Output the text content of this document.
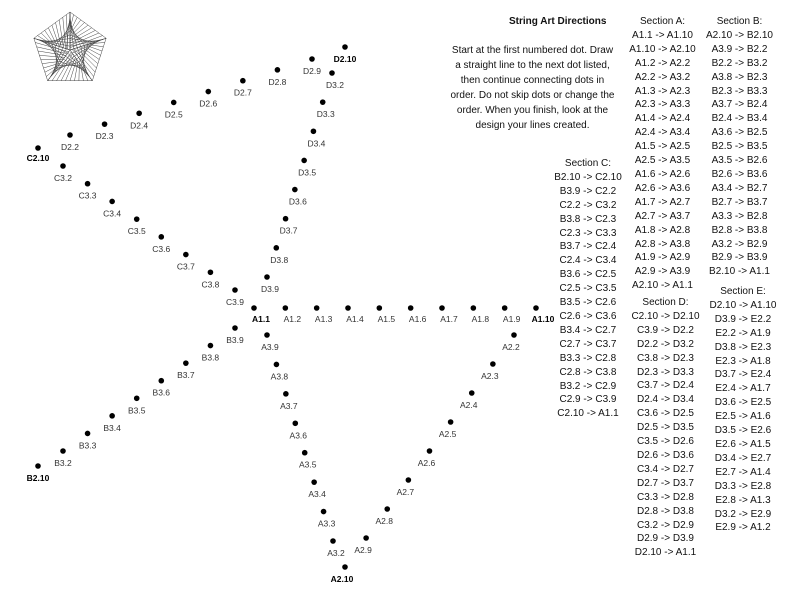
A1.1 A1.2 A1.3 A1.4 A1.5 A1.6 A1.7 A1.8 A1.9 A1.10
A2.2
A2.3
A2.4
A2.5
A2.6
A2.7
A2.8
A2.9
A2.10
A3.2
A3.3
A3.4
A3.5
A3.6
A3.7
A3.8
A3.9
B2.10
B3.2
B3.3
B3.4
B3.5
B3.6
B3.7
B3.8
B3.9
C2.10
C3.2
C3.3
C3.4
C3.5
C3.6
C3.7
C3.8
C3.9
D2.2
D2.3
D2.4
D2.5
D2.6
D2.7
D2.8
D2.9
D2.10
D3.2
D3.3
D3.4
D3.5
D3.6
D3.7
D3.8
D3.9
String Art Directions
Start at the first numbered dot. Draw a straight line to the next dot listed, then continue connecting dots in order. Do not skip dots or change the order. When you finish, look at the design your lines created.
Section A:
A1.1 -> A1.10
A1.10 -> A2.10
A1.2 -> A2.2
A2.2 -> A3.2
A1.3 -> A2.3
A2.3 -> A3.3
A1.4 -> A2.4
A2.4 -> A3.4
A1.5 -> A2.5
A2.5 -> A3.5
A1.6 -> A2.6
A2.6 -> A3.6
A1.7 -> A2.7
A2.7 -> A3.7
A1.8 -> A2.8
A2.8 -> A3.8
A1.9 -> A2.9
A2.9 -> A3.9
A2.10 -> A1.1
Section B:
A2.10 -> B2.10
A3.9 -> B2.2
B2.2 -> B3.2
A3.8 -> B2.3
B2.3 -> B3.3
A3.7 -> B2.4
B2.4 -> B3.4
A3.6 -> B2.5
B2.5 -> B3.5
A3.5 -> B2.6
B2.6 -> B3.6
A3.4 -> B2.7
B2.7 -> B3.7
A3.3 -> B2.8
B2.8 -> B3.8
A3.2 -> B2.9
B2.9 -> B3.9
B2.10 -> A1.1
Section C:
B2.10 -> C2.10
B3.9 -> C2.2
C2.2 -> C3.2
B3.8 -> C2.3
C2.3 -> C3.3
B3.7 -> C2.4
C2.4 -> C3.4
B3.6 -> C2.5
C2.5 -> C3.5
B3.5 -> C2.6
C2.6 -> C3.6
B3.4 -> C2.7
C2.7 -> C3.7
B3.3 -> C2.8
C2.8 -> C3.8
B3.2 -> C2.9
C2.9 -> C3.9
C2.10 -> A1.1
Section D:
C2.10 -> D2.10
C3.9 -> D2.2
D2.2 -> D3.2
C3.8 -> D2.3
D2.3 -> D3.3
C3.7 -> D2.4
D2.4 -> D3.4
C3.6 -> D2.5
D2.5 -> D3.5
C3.5 -> D2.6
D2.6 -> D3.6
C3.4 -> D2.7
D2.7 -> D3.7
C3.3 -> D2.8
D2.8 -> D3.8
C3.2 -> D2.9
D2.9 -> D3.9
D2.10 -> A1.1
Section E:
D2.10 -> A1.10
D3.9 -> E2.2
E2.2 -> A1.9
D3.8 -> E2.3
E2.3 -> A1.8
D3.7 -> E2.4
E2.4 -> A1.7
D3.6 -> E2.5
E2.5 -> A1.6
D3.5 -> E2.6
E2.6 -> A1.5
D3.4 -> E2.7
E2.7 -> A1.4
D3.3 -> E2.8
E2.8 -> A1.3
D3.2 -> E2.9
E2.9 -> A1.2
